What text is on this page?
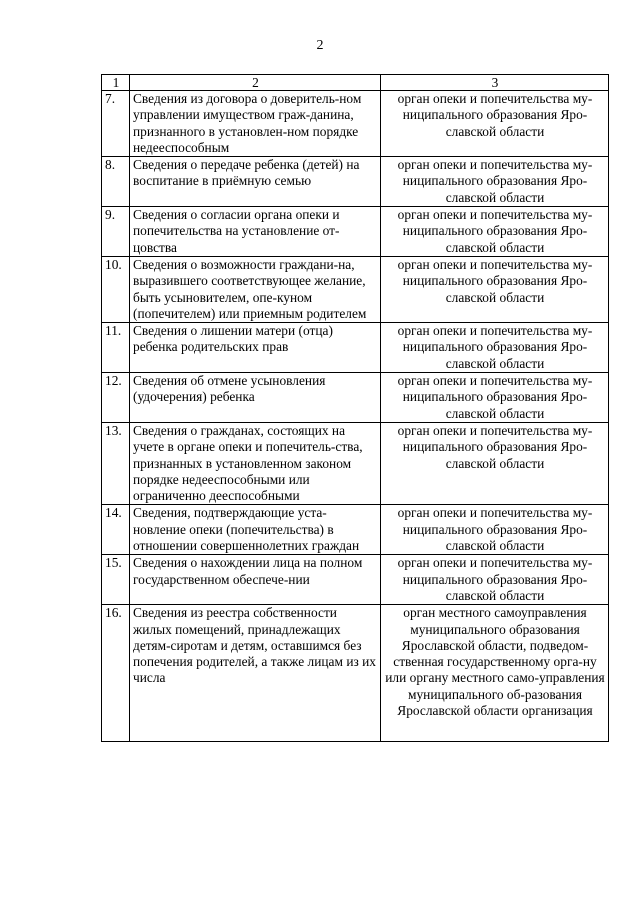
2
1	2	3
7.	Сведения из договора о доверитель-ном управлении имуществом граж-данина, признанного в установлен-ном порядке недееспособным	орган опеки и попечительства му-ниципального образования Яро-славской области
8.	Сведения о передаче ребенка (детей) на воспитание в приёмную семью	орган опеки и попечительства му-ниципального образования Яро-славской области
9.	Сведения о согласии органа опеки и попечительства на установление от-цовства	орган опеки и попечительства му-ниципального образования Яро-славской области
10.	Сведения о возможности граждани-на, выразившего соответствующее желание, быть усыновителем, опе-куном (попечителем) или приемным родителем	орган опеки и попечительства му-ниципального образования Яро-славской области
11.	Сведения о лишении матери (отца) ребенка родительских прав	орган опеки и попечительства му-ниципального образования Яро-славской области
12.	Сведения об отмене усыновления (удочерения) ребенка	орган опеки и попечительства му-ниципального образования Яро-славской области
13.	Сведения о гражданах, состоящих на учете в органе опеки и попечитель-ства, признанных в установленном законом порядке недееспособными или ограниченно дееспособными	орган опеки и попечительства му-ниципального образования Яро-славской области
14.	Сведения, подтверждающие уста-новление опеки (попечительства) в отношении совершеннолетних граждан	орган опеки и попечительства му-ниципального образования Яро-славской области
15.	Сведения о нахождении лица на полном государственном обеспече-нии	орган опеки и попечительства му-ниципального образования Яро-славской области
16.	Сведения из реестра собственности жилых помещений, принадлежащих детям-сиротам и детям, оставшимся без попечения родителей, а также лицам из их числа	орган местного самоуправления муниципального образования Ярославской области, подведом-ственная государственному орга-ну или органу местного само-управления муниципального об-разования Ярославской области организация
